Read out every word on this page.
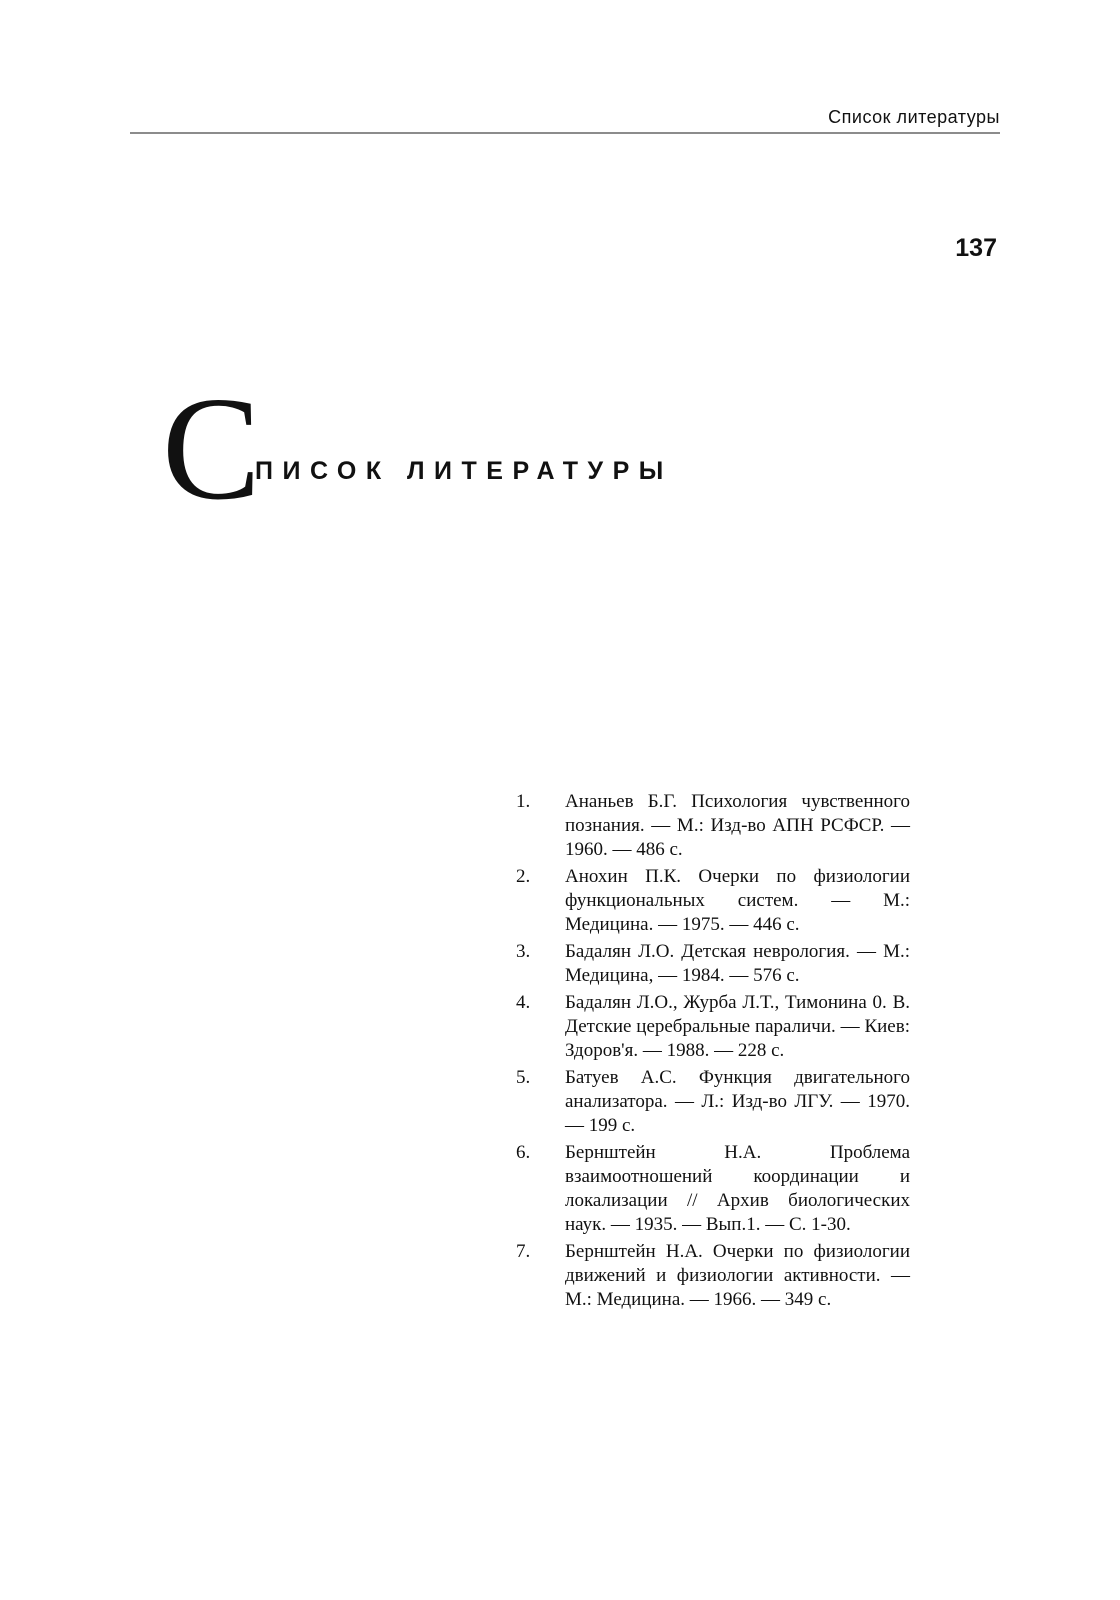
Список литературы
137
С
ПИСОК ЛИТЕРАТУРЫ
1.	Ананьев Б.Г. Психология чувственного познания. — М.: Изд-во АПН РСФСР. — 1960. — 486 с.
2.	Анохин П.К. Очерки по физиологии функциональных систем. — М.: Медицина. — 1975. — 446 с.
3.	Бадалян Л.О. Детская неврология. — М.: Медицина, — 1984. — 576 с.
4.	Бадалян Л.О., Журба Л.Т., Тимонина 0. В. Детские церебральные параличи. — Киев: Здоров'я. — 1988. — 228 с.
5.	Батуев А.С. Функция двигательного анализатора. — Л.: Изд-во ЛГУ. — 1970. — 199 с.
6.	Бернштейн Н.А. Проблема взаимоотношений координации и локализации // Архив биологических наук. — 1935. — Вып.1. — С. 1-30.
7.	Бернштейн Н.А. Очерки по физиологии движений и физиологии активности. — М.: Медицина. — 1966. — 349 с.
